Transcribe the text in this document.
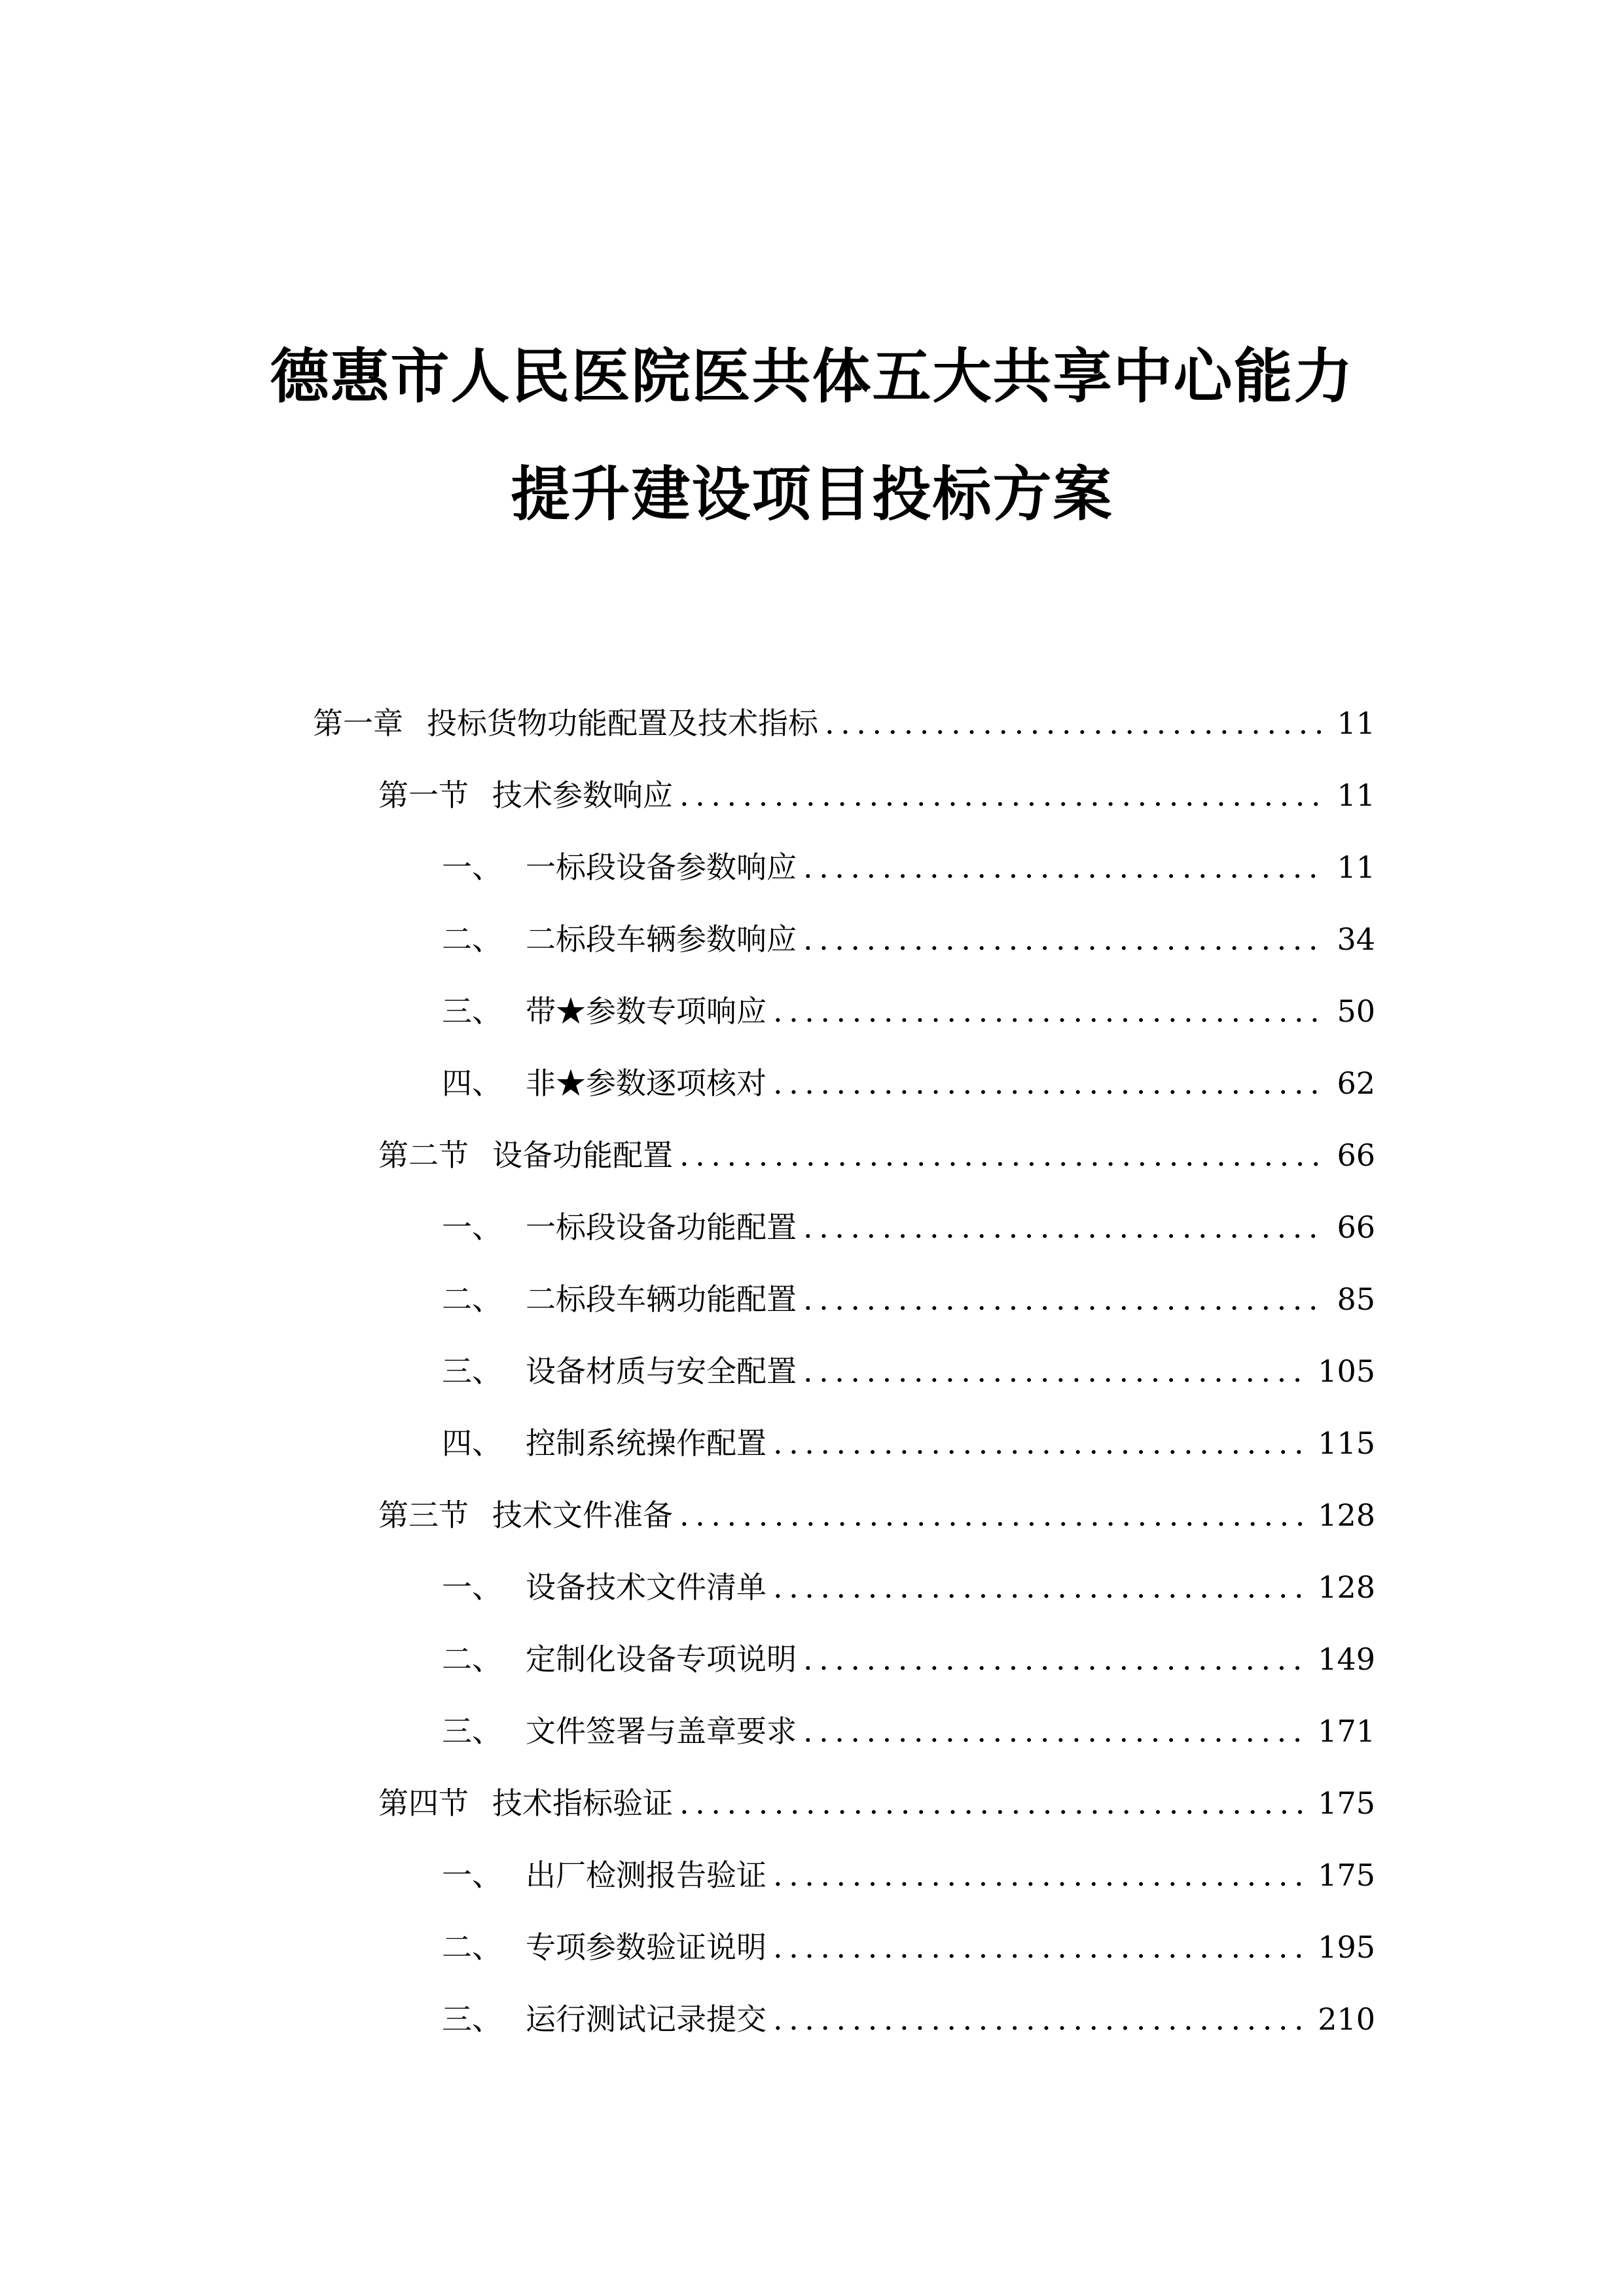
德惠市人民医院医共体五大共享中心能力
提升建设项目投标方案
第一章 投标货物功能配置及技术指标 .....	11
第一节 技术参数响应 .....	11
一、 一标段设备参数响应 .....	11
二、 二标段车辆参数响应 .....	34
三、 带★参数专项响应 .....	50
四、 非★参数逐项核对 .....	62
第二节 设备功能配置 .....	66
一、 一标段设备功能配置 .....	66
二、 二标段车辆功能配置 .....	85
三、 设备材质与安全配置 .....	105
四、 控制系统操作配置 .....	115
第三节 技术文件准备 .....	128
一、 设备技术文件清单 .....	128
二、 定制化设备专项说明 .....	149
三、 文件签署与盖章要求 .....	171
第四节 技术指标验证 .....	175
一、 出厂检测报告验证 .....	175
二、 专项参数验证说明 .....	195
三、 运行测试记录提交 .....	210
